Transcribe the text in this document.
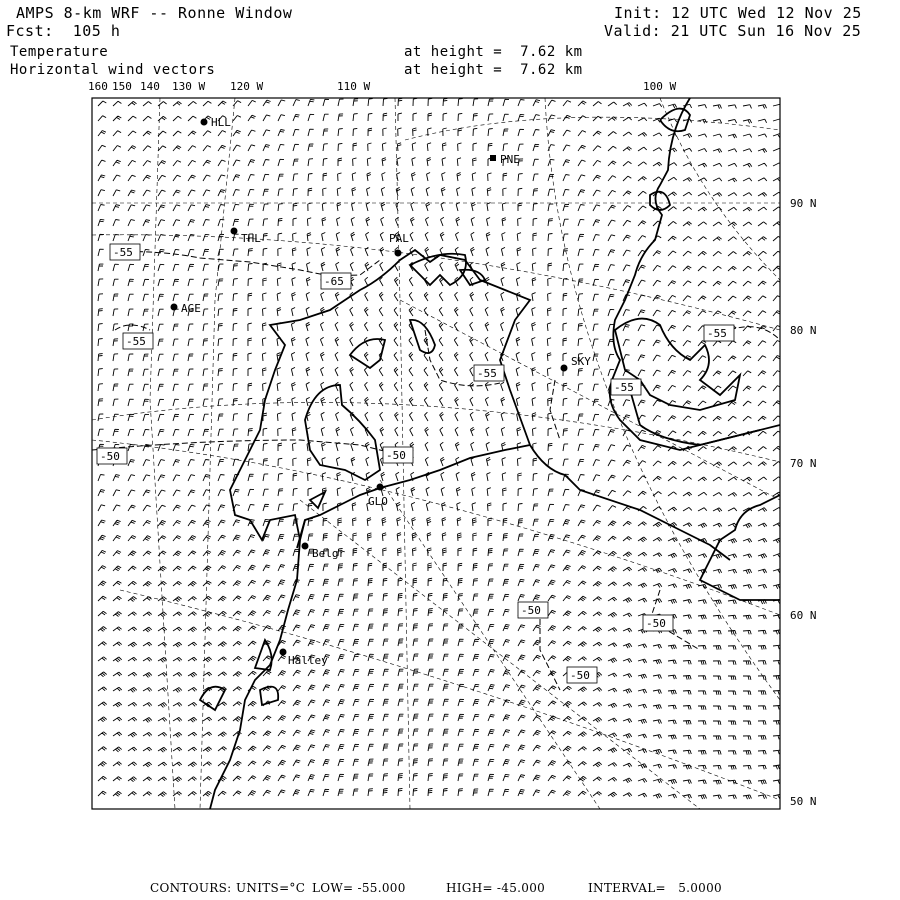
AMPS 8-km WRF -- Ronne Window
Fcst:  105 h
Init: 12 UTC Wed 12 Nov 25
Valid: 21 UTC Sun 16 Nov 25
Temperature
Horizontal wind vectors
at height =  7.62 km
at height =  7.62 km
160 150 140 130 W 120 W	110 W	100 W
90 N
80 N
70 N
60 N
50 N
HLL
PNE
THL	PAL
AGE
SKY
GLO
Belgr
Halley
-55
-65
-55
-55
-55
-55
-50	-50
-50
-50
-50
CONTOURS: UNITS=°C LOW= -55.000	HIGH= -45.000	INTERVAL=   5.0000
